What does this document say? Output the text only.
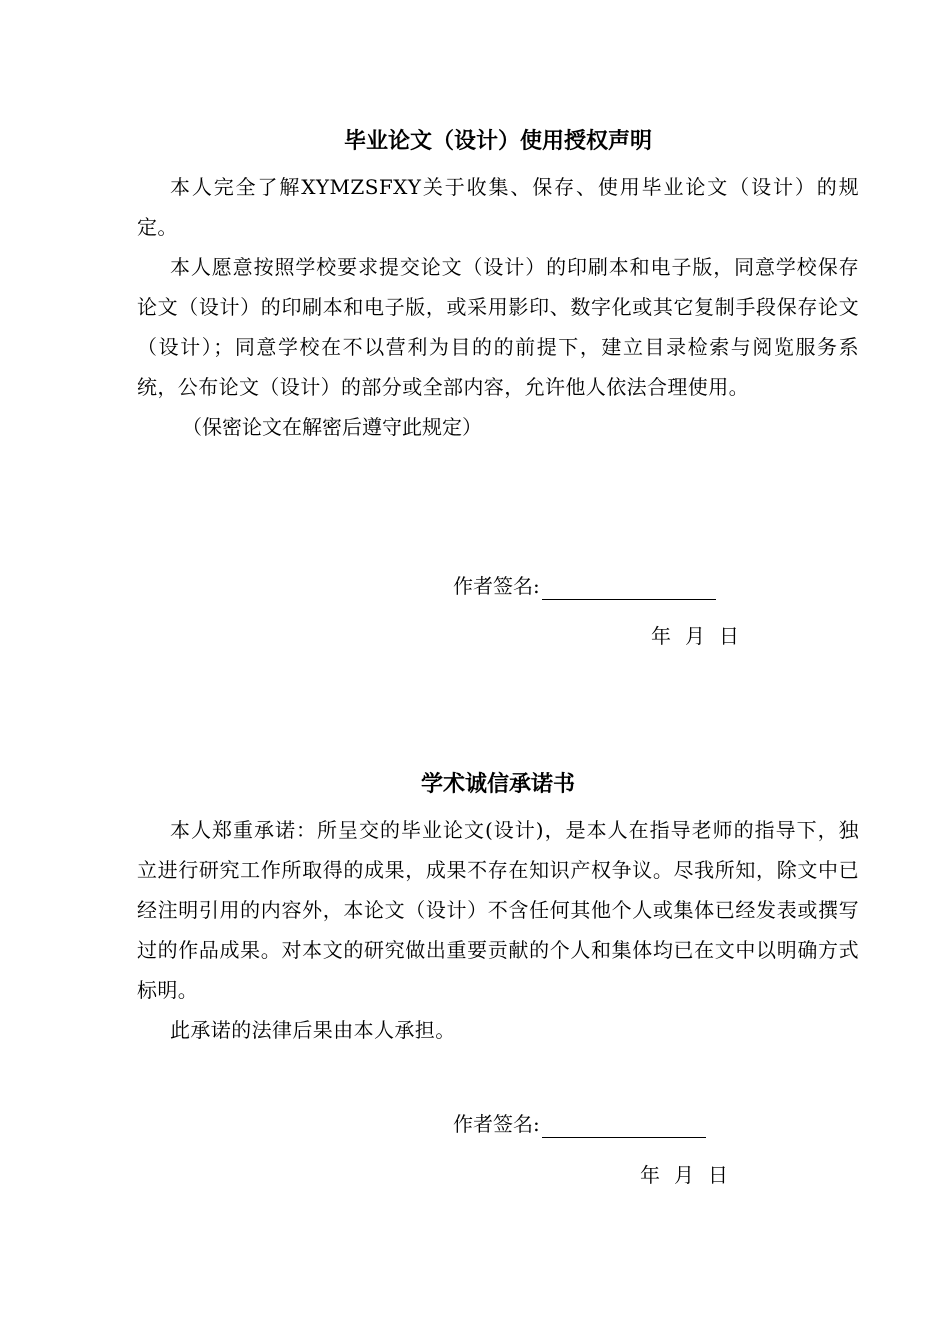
毕业论文（设计）使用授权声明

本人完全了解XYMZSFXY关于收集、保存、使用毕业论文（设计）的规定。

本人愿意按照学校要求提交论文（设计）的印刷本和电子版，同意学校保存论文（设计）的印刷本和电子版，或采用影印、数字化或其它复制手段保存论文（设计）；同意学校在不以营利为目的的前提下，建立目录检索与阅览服务系统，公布论文（设计）的部分或全部内容，允许他人依法合理使用。

（保密论文在解密后遵守此规定）

作者签名:
年 月 日
学术诚信承诺书

本人郑重承诺：所呈交的毕业论文(设计)，是本人在指导老师的指导下，独立进行研究工作所取得的成果，成果不存在知识产权争议。尽我所知，除文中已经注明引用的内容外，本论文（设计）不含任何其他个人或集体已经发表或撰写过的作品成果。对本文的研究做出重要贡献的个人和集体均已在文中以明确方式标明。

此承诺的法律后果由本人承担。

作者签名:
年 月 日
